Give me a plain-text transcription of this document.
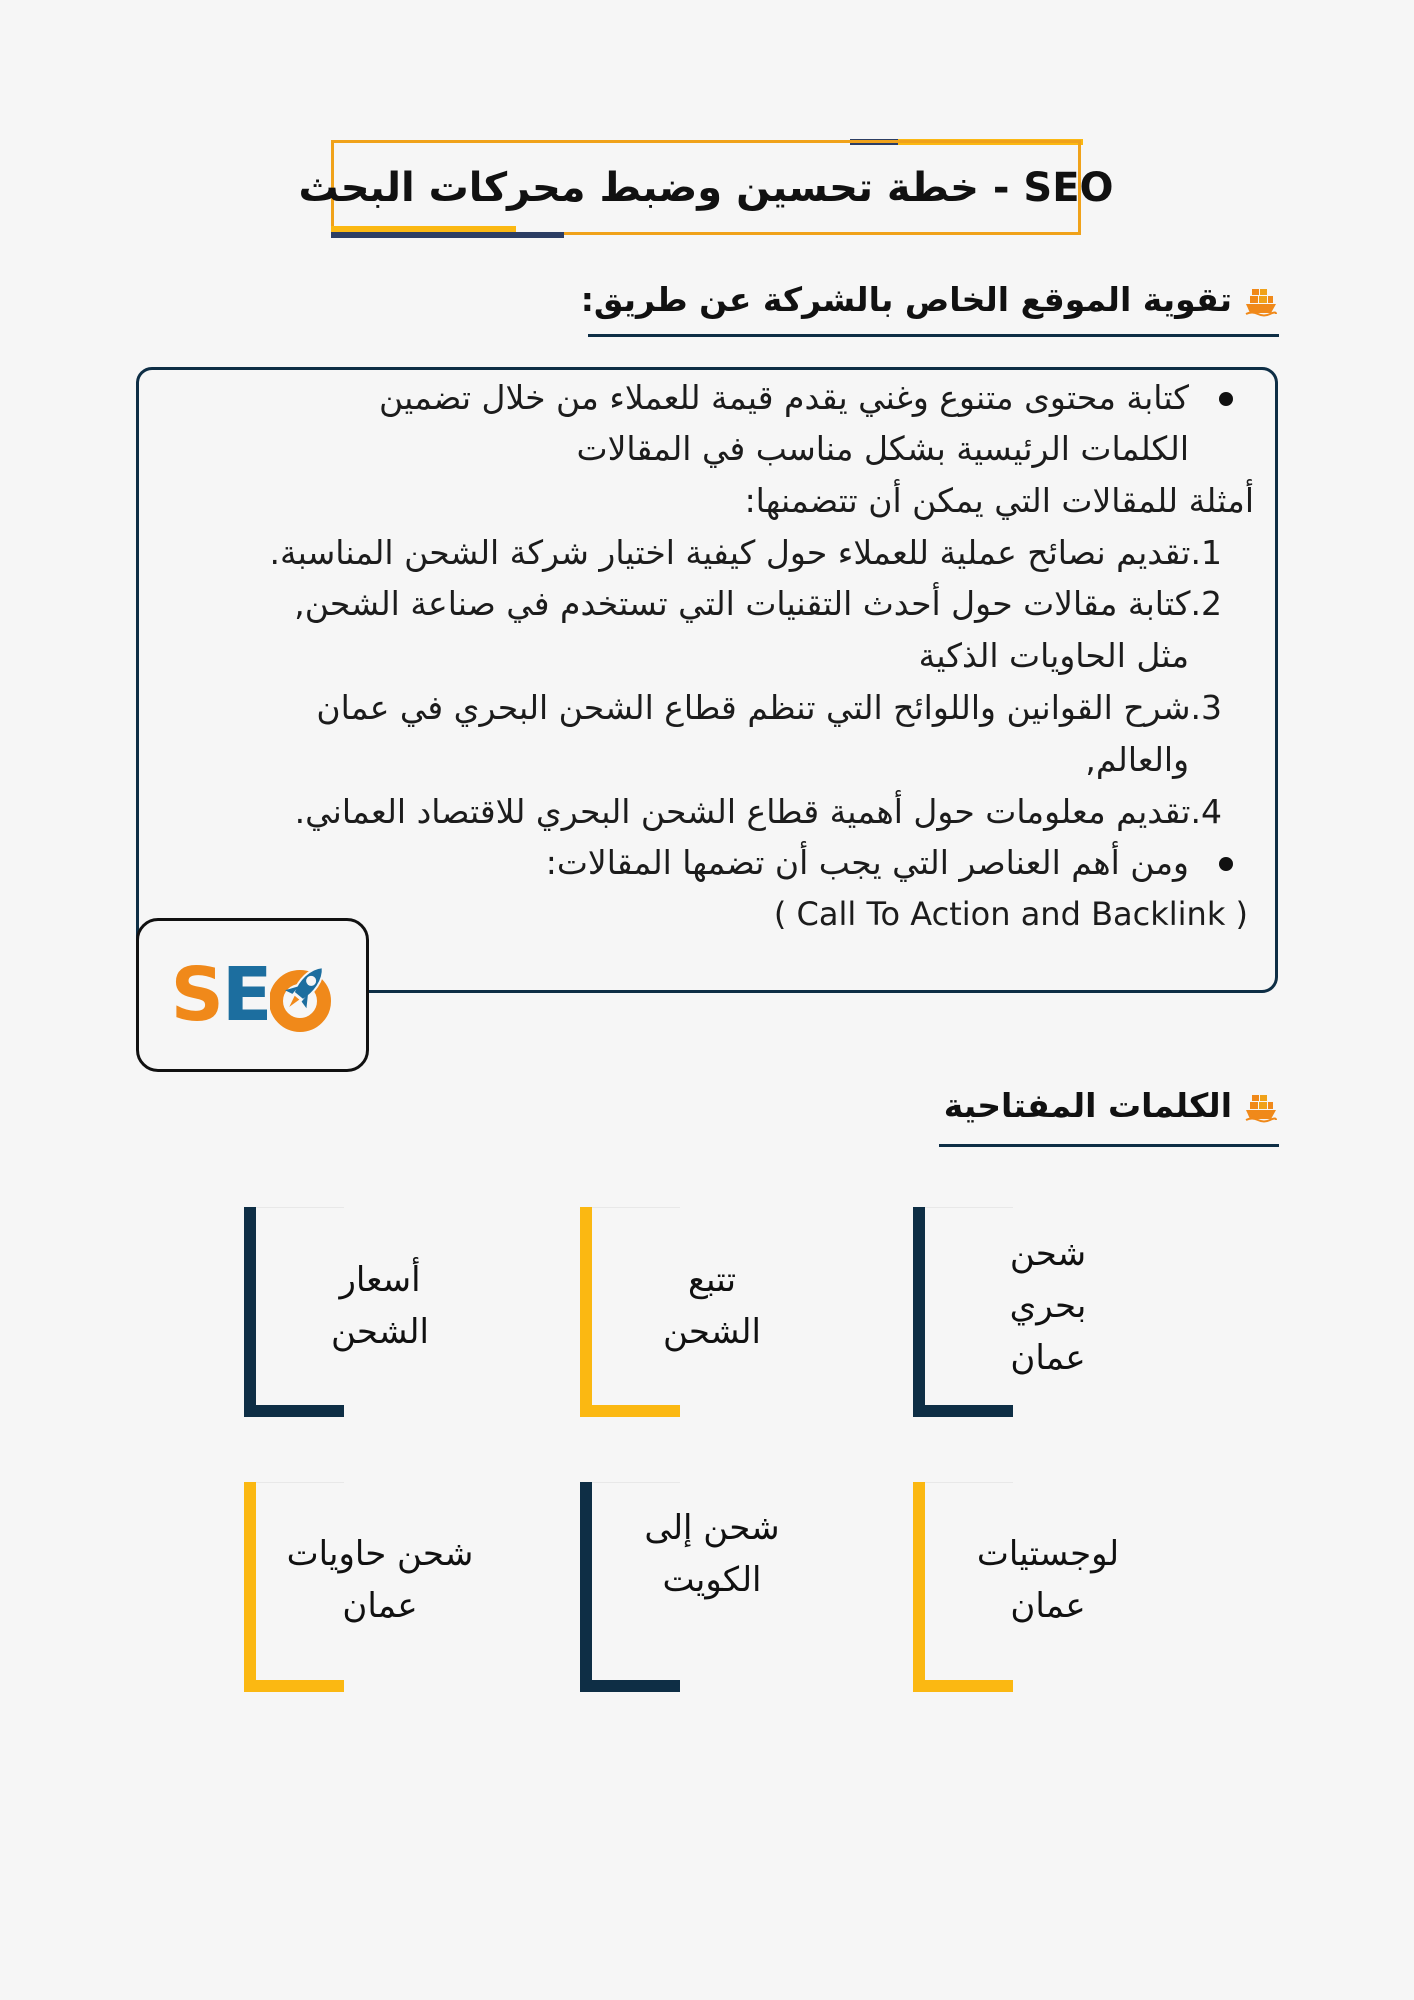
SEO - خطة تحسين وضبط محركات البحث
تقوية الموقع الخاص بالشركة عن طريق:
كتابة محتوى متنوع وغني يقدم قيمة للعملاء من خلال تضمين
الكلمات الرئيسية بشكل مناسب في المقالات
أمثلة للمقالات التي يمكن أن تتضمنها:
1.تقديم نصائح عملية للعملاء حول كيفية اختيار شركة الشحن المناسبة.
2.كتابة مقالات حول أحدث التقنيات التي تستخدم في صناعة الشحن,
مثل الحاويات الذكية
3.شرح القوانين واللوائح التي تنظم قطاع الشحن البحري في عمان
والعالم,
4.تقديم معلومات حول أهمية قطاع الشحن البحري للاقتصاد العماني.
ومن أهم العناصر التي يجب أن تضمها المقالات:
( Call To Action and Backlink )
S E
الكلمات المفتاحية
شحن
بحري
عمان
تتبع
الشحن
أسعار
الشحن
لوجستيات
عمان
شحن إلى
الكويت
شحن حاويات
عمان
